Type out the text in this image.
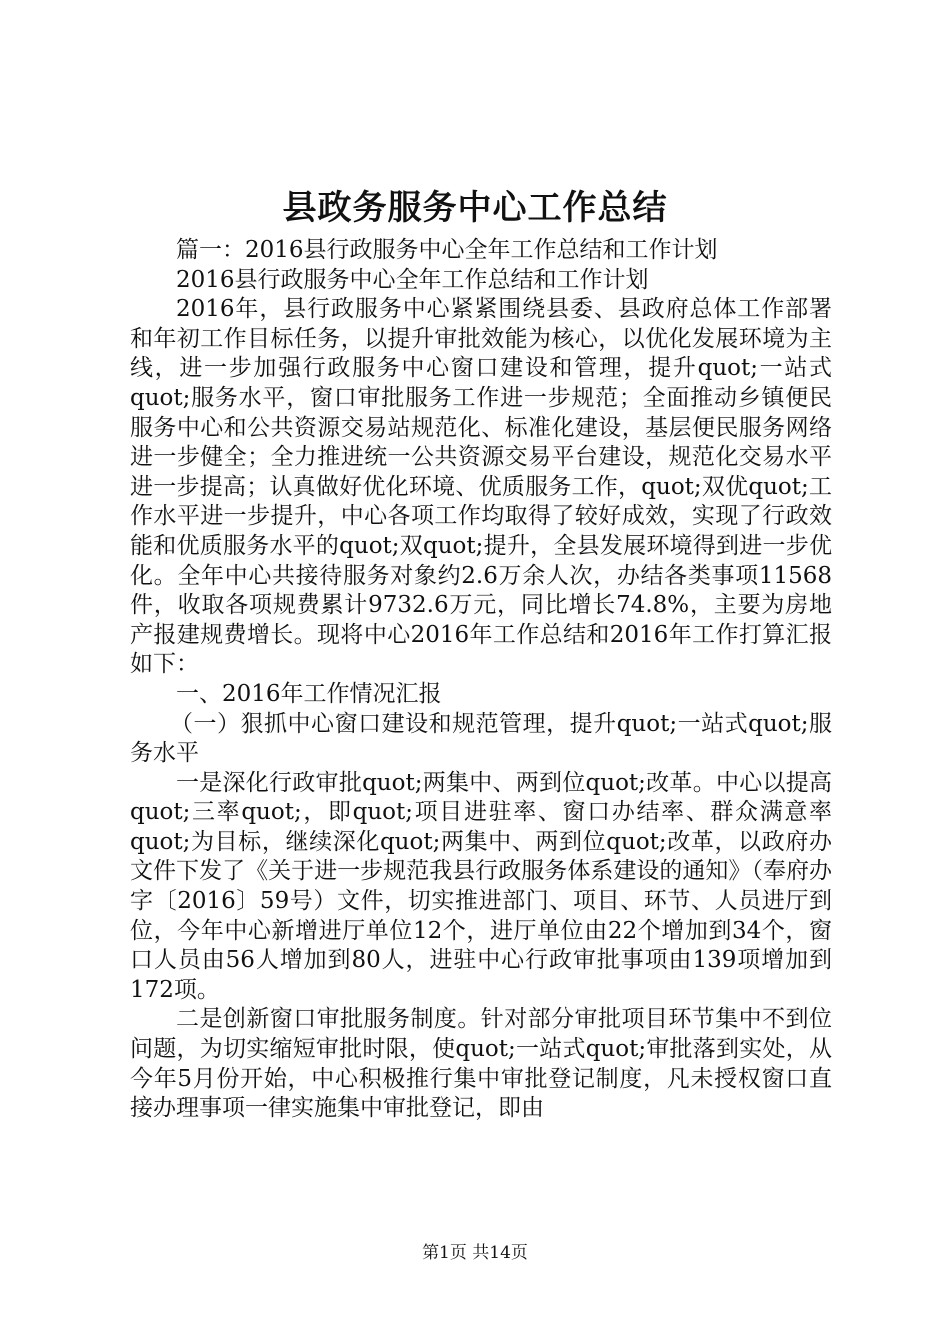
县政务服务中心工作总结

篇一：2016县行政服务中心全年工作总结和工作计划

2016县行政服务中心全年工作总结和工作计划

2016年，县行政服务中心紧紧围绕县委、县政府总体工作部署和年初工作目标任务，以提升审批效能为核心，以优化发展环境为主线，进一步加强行政服务中心窗口建设和管理，提升quot;一站式quot;服务水平，窗口审批服务工作进一步规范；全面推动乡镇便民服务中心和公共资源交易站规范化、标准化建设，基层便民服务网络进一步健全；全力推进统一公共资源交易平台建设，规范化交易水平进一步提高；认真做好优化环境、优质服务工作，quot;双优quot;工作水平进一步提升，中心各项工作均取得了较好成效，实现了行政效能和优质服务水平的quot;双quot;提升，全县发展环境得到进一步优化。全年中心共接待服务对象约2.6万余人次，办结各类事项11568件，收取各项规费累计9732.6万元，同比增长74.8%，主要为房地产报建规费增长。现将中心2016年工作总结和2016年工作打算汇报如下：

一、2016年工作情况汇报

（一）狠抓中心窗口建设和规范管理，提升quot;一站式quot;服务水平

一是深化行政审批quot;两集中、两到位quot;改革。中心以提高quot;三率quot;，即quot;项目进驻率、窗口办结率、群众满意率quot;为目标，继续深化quot;两集中、两到位quot;改革，以政府办文件下发了《关于进一步规范我县行政服务体系建设的通知》（奉府办字〔2016〕59号）文件，切实推进部门、项目、环节、人员进厅到位，今年中心新增进厅单位12个，进厅单位由22个增加到34个，窗口人员由56人增加到80人，进驻中心行政审批事项由139项增加到172项。

二是创新窗口审批服务制度。针对部分审批项目环节集中不到位问题，为切实缩短审批时限，使quot;一站式quot;审批落到实处，从今年5月份开始，中心积极推行集中审批登记制度，凡未授权窗口直接办理事项一律实施集中审批登记，即由

第1页 共14页
